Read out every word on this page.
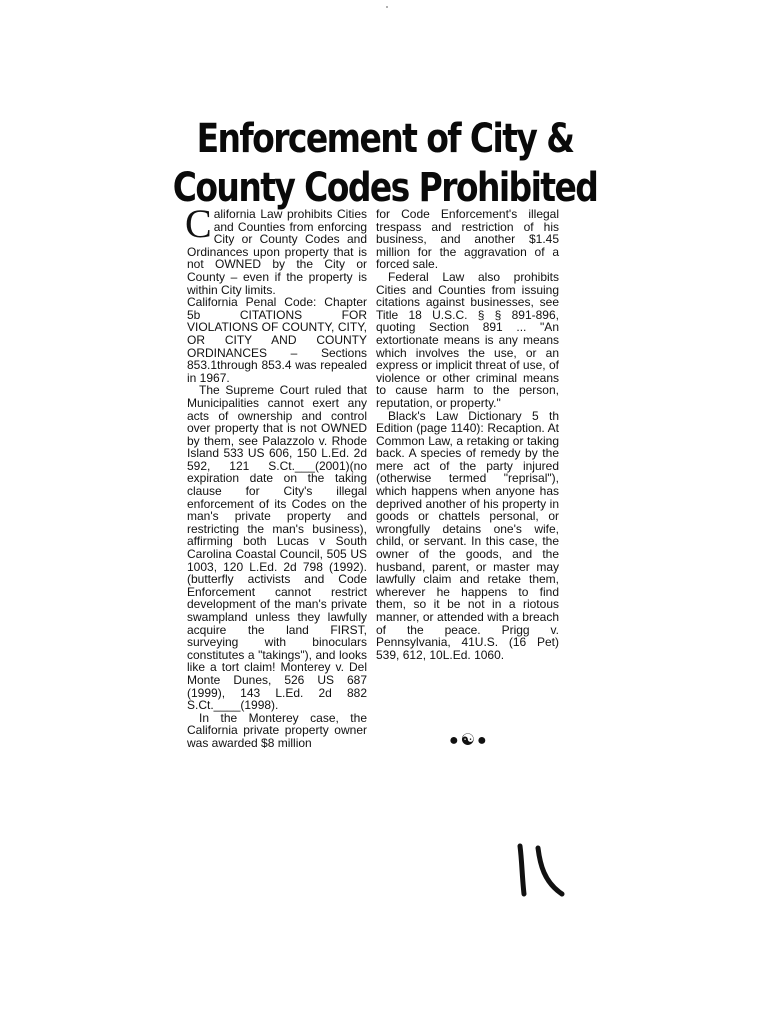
Enforcement of City &
County Codes Prohibited

California Law prohibits Cities and Counties from enforcing City or County Codes and Ordinances upon property that is not OWNED by the City or County – even if the property is within City limits.

California Penal Code: Chapter 5b CITATIONS FOR VIOLATIONS OF COUNTY, CITY, OR CITY AND COUNTY ORDINANCES – Sections 853.1through 853.4 was repealed in 1967.

The Supreme Court ruled that Municipalities cannot exert any acts of ownership and control over property that is not OWNED by them, see Palazzolo v. Rhode Island 533 US 606, 150 L.Ed. 2d 592, 121 S.Ct.___(2001)(no expiration date on the taking clause for City's illegal enforcement of its Codes on the man's private property and restricting the man's business), affirming both Lucas v South Carolina Coastal Council, 505 US 1003, 120 L.Ed. 2d 798 (1992). (butterfly activists and Code Enforcement cannot restrict development of the man's private swampland unless they lawfully acquire the land FIRST, surveying with binoculars constitutes a "takings"), and looks like a tort claim! Monterey v. Del Monte Dunes, 526 US 687 (1999), 143 L.Ed. 2d 882 S.Ct.____(1998).

In the Monterey case, the California private property owner was awarded $8 million

for Code Enforcement's illegal trespass and restriction of his business, and another $1.45 million for the aggravation of a forced sale.

Federal Law also prohibits Cities and Counties from issuing citations against businesses, see Title 18 U.S.C. § § 891-896, quoting Section 891 ... "An extortionate means is any means which involves the use, or an express or implicit threat of use, of violence or other criminal means to cause harm to the person, reputation, or property."

Black's Law Dictionary 5 th Edition (page 1140): Recaption. At Common Law, a retaking or taking back. A species of remedy by the mere act of the party injured (otherwise termed "reprisal"), which happens when anyone has deprived another of his property in goods or chattels personal, or wrongfully detains one's wife, child, or servant. In this case, the owner of the goods, and the husband, parent, or master may lawfully claim and retake them, wherever he happens to find them, so it be not in a riotous manner, or attended with a breach of the peace. Prigg v. Pennsylvania, 41U.S. (16 Pet) 539, 612, 10L.Ed. 1060.

● ☯ ●
